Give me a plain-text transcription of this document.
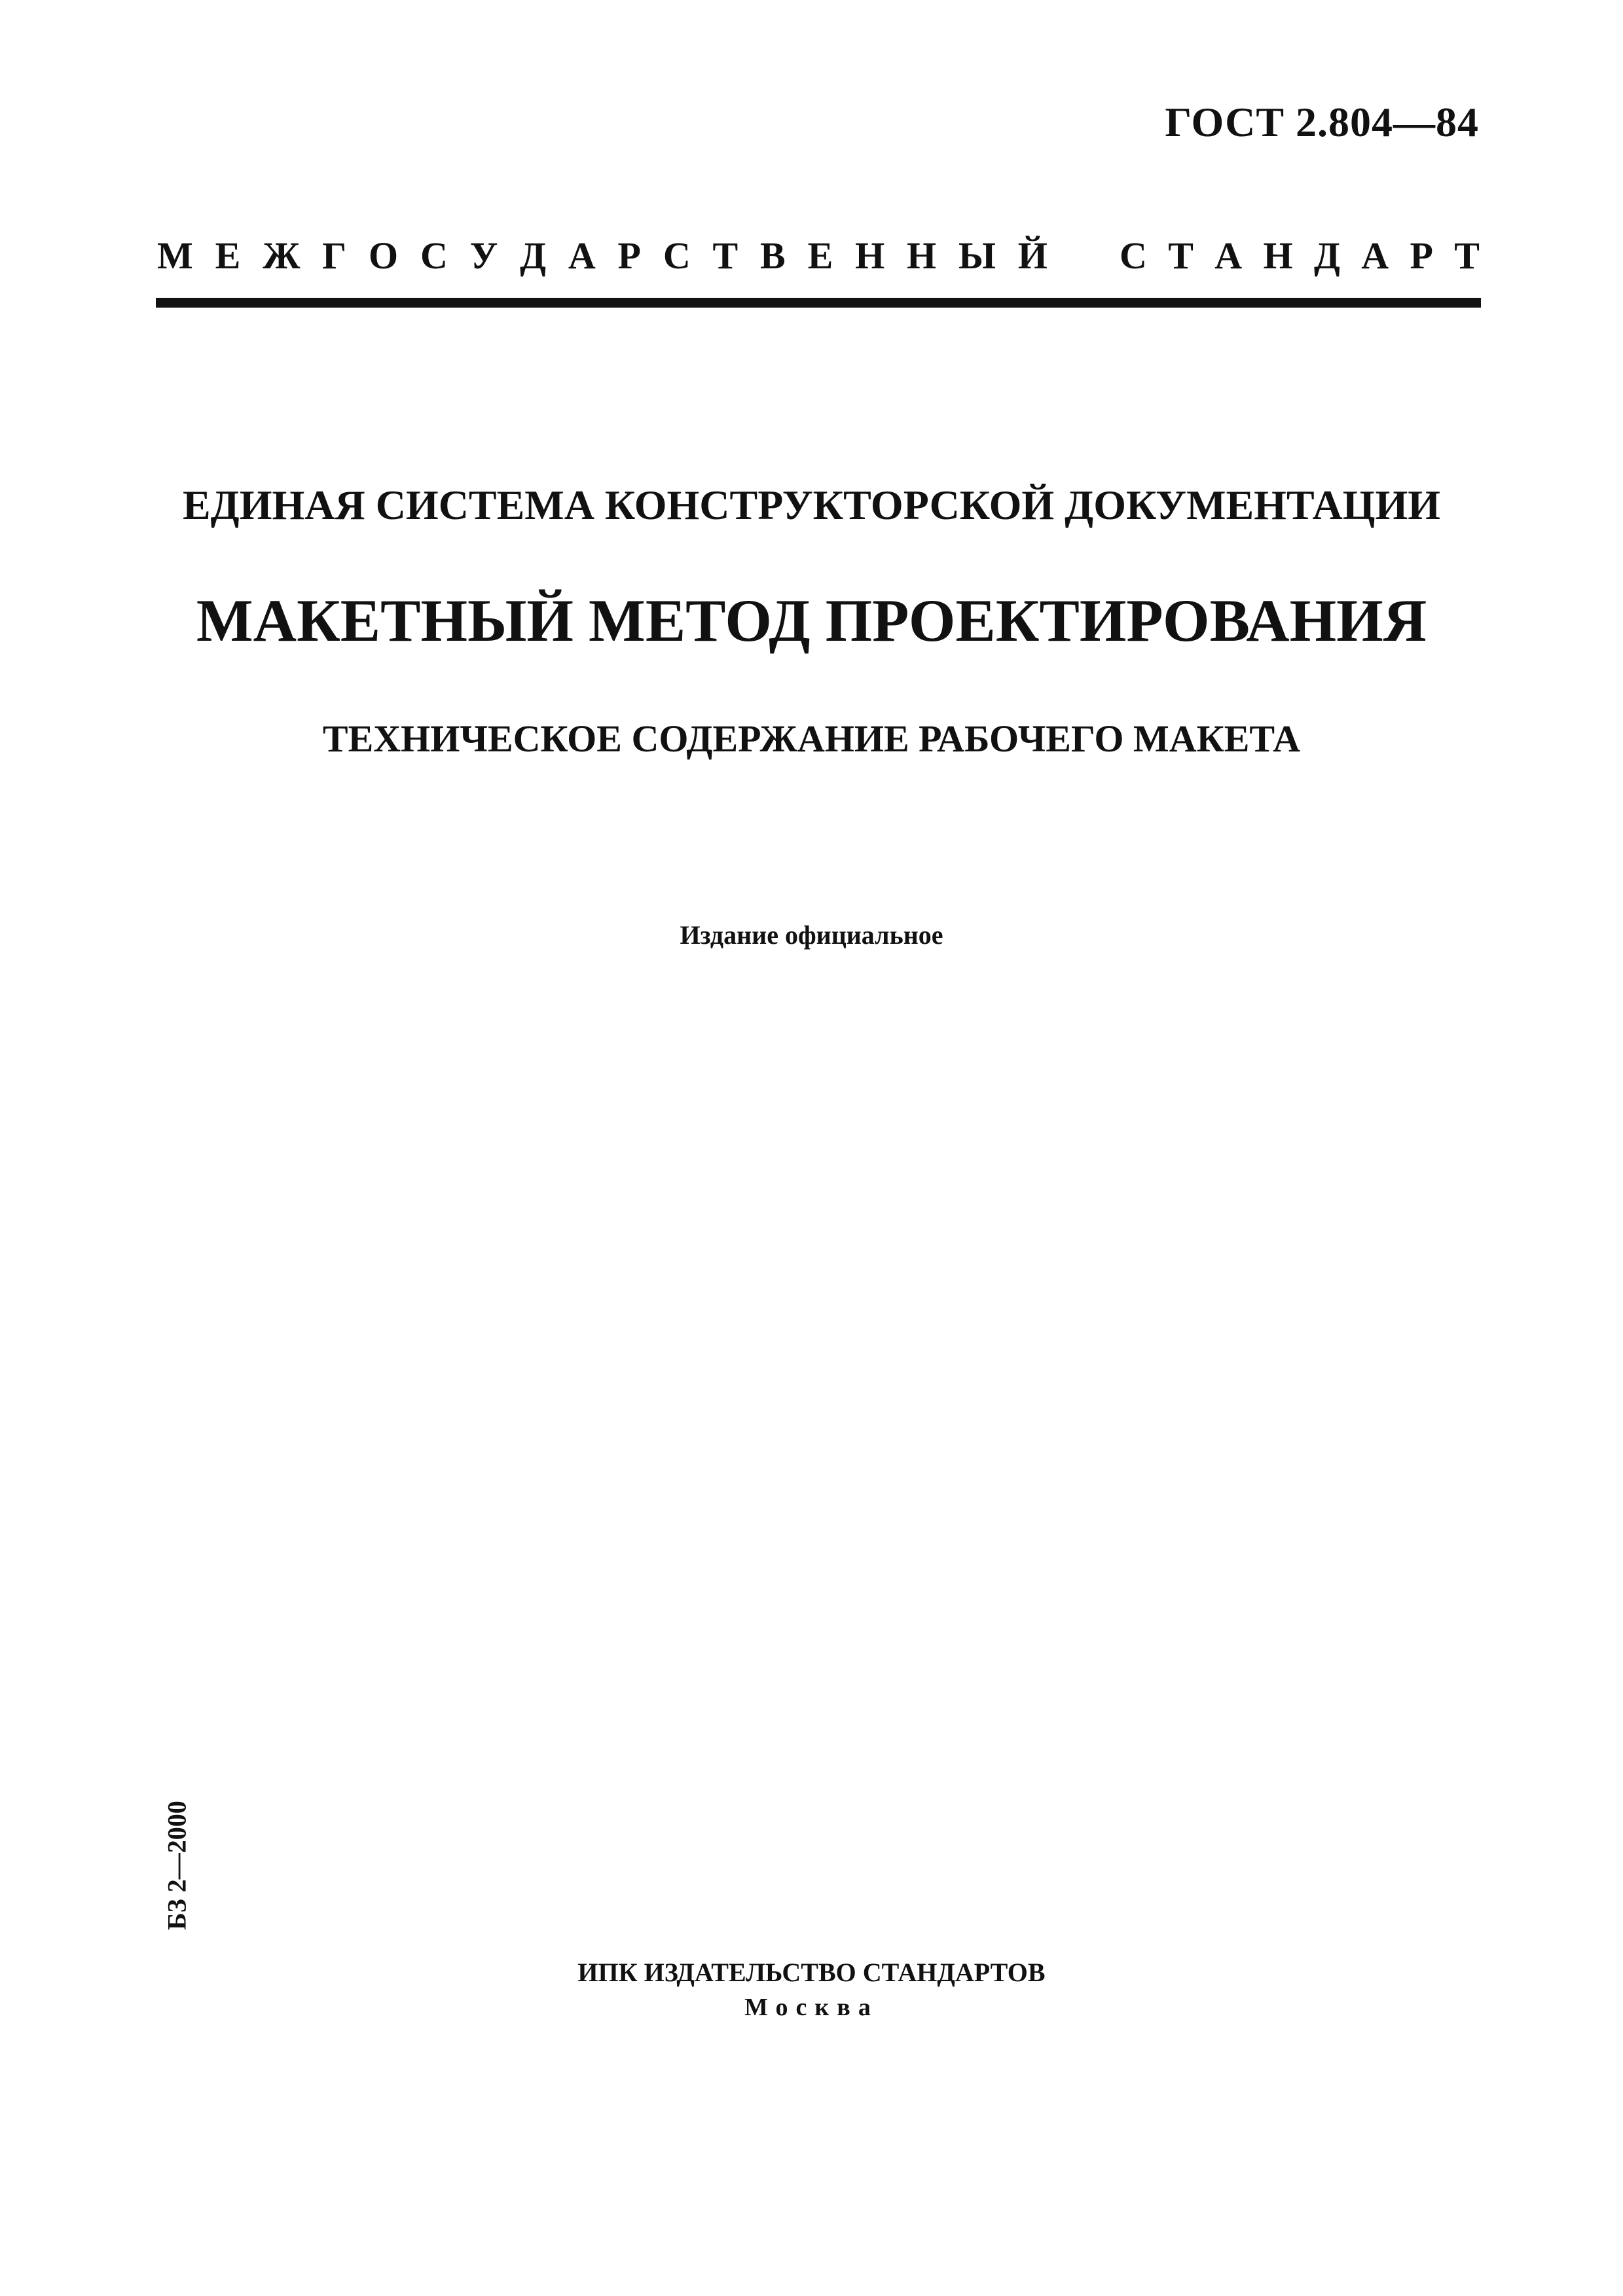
ГОСТ 2.804—84
М Е Ж Г О С У Д А Р С Т В Е Н Н Ы Й С Т А Н Д А Р Т
ЕДИНАЯ СИСТЕМА КОНСТРУКТОРСКОЙ ДОКУМЕНТАЦИИ
МАКЕТНЫЙ МЕТОД ПРОЕКТИРОВАНИЯ
ТЕХНИЧЕСКОЕ СОДЕРЖАНИЕ РАБОЧЕГО МАКЕТА
Издание официальное
БЗ 2—2000
ИПК ИЗДАТЕЛЬСТВО СТАНДАРТОВ
Москва
